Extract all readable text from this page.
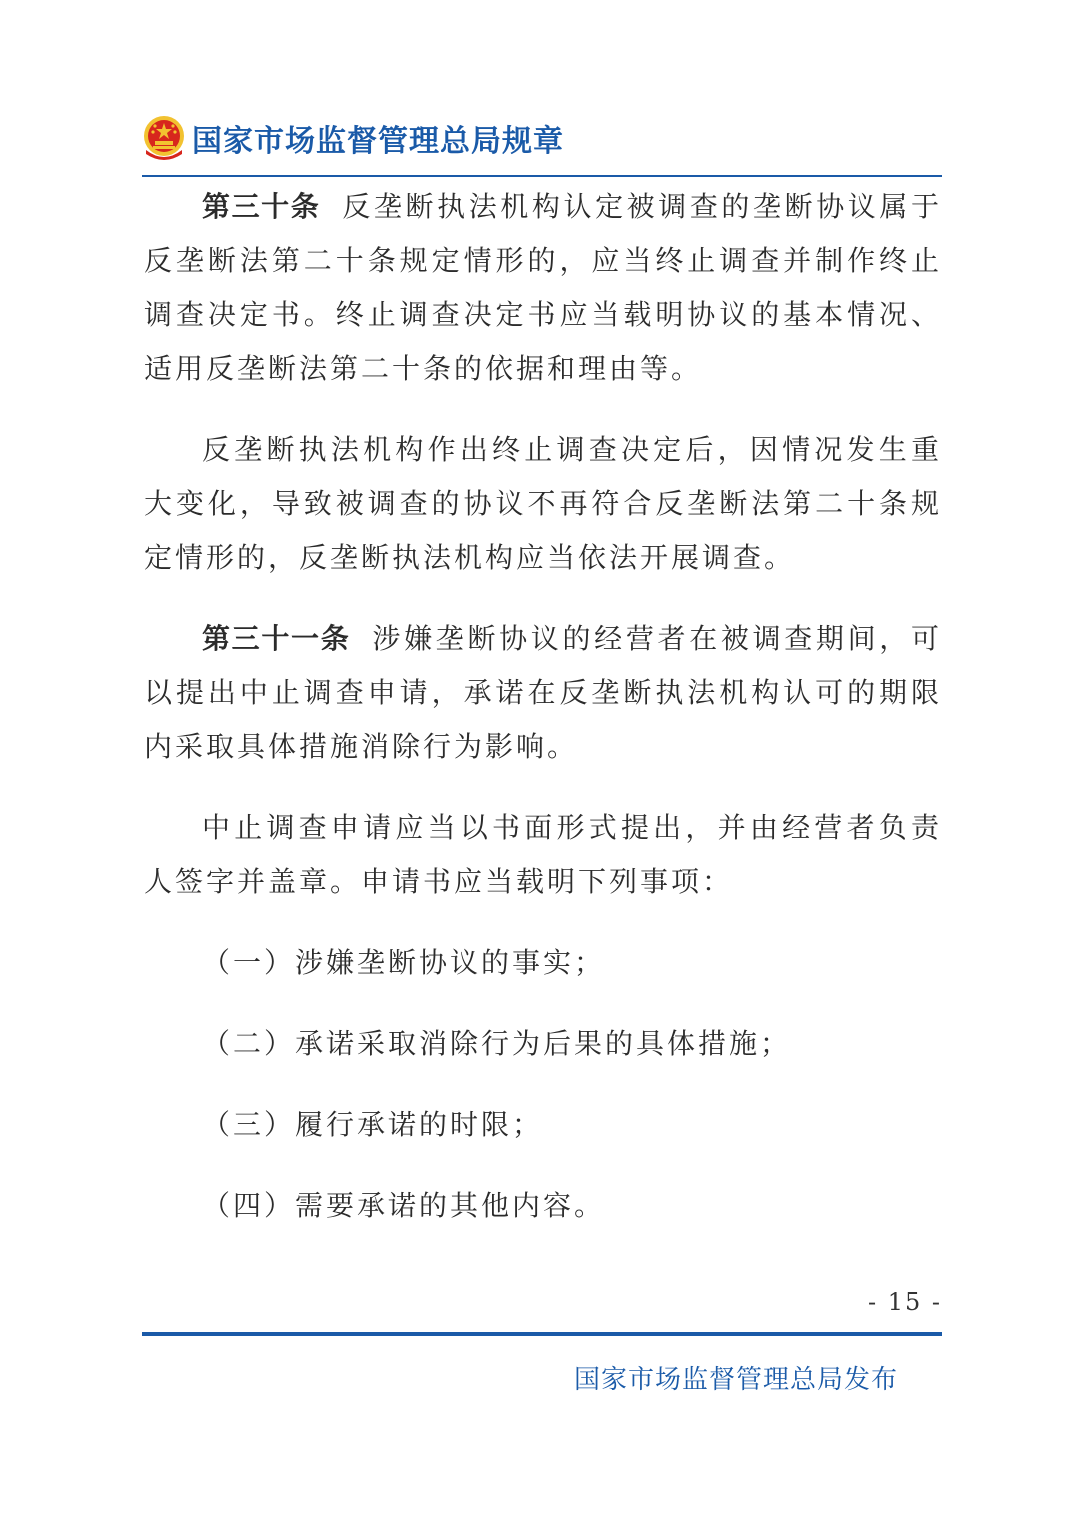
国家市场监督管理总局规章

第三十条 反垄断执法机构认定被调查的垄断协议属于反垄断法第二十条规定情形的，应当终止调查并制作终止调查决定书。终止调查决定书应当载明协议的基本情况、适用反垄断法第二十条的依据和理由等。

反垄断执法机构作出终止调查决定后，因情况发生重大变化，导致被调查的协议不再符合反垄断法第二十条规定情形的，反垄断执法机构应当依法开展调查。

第三十一条 涉嫌垄断协议的经营者在被调查期间，可以提出中止调查申请，承诺在反垄断执法机构认可的期限内采取具体措施消除行为影响。

中止调查申请应当以书面形式提出，并由经营者负责人签字并盖章。申请书应当载明下列事项：

（一）涉嫌垄断协议的事实；

（二）承诺采取消除行为后果的具体措施；

（三）履行承诺的时限；

（四）需要承诺的其他内容。

- 15 -
国家市场监督管理总局发布
